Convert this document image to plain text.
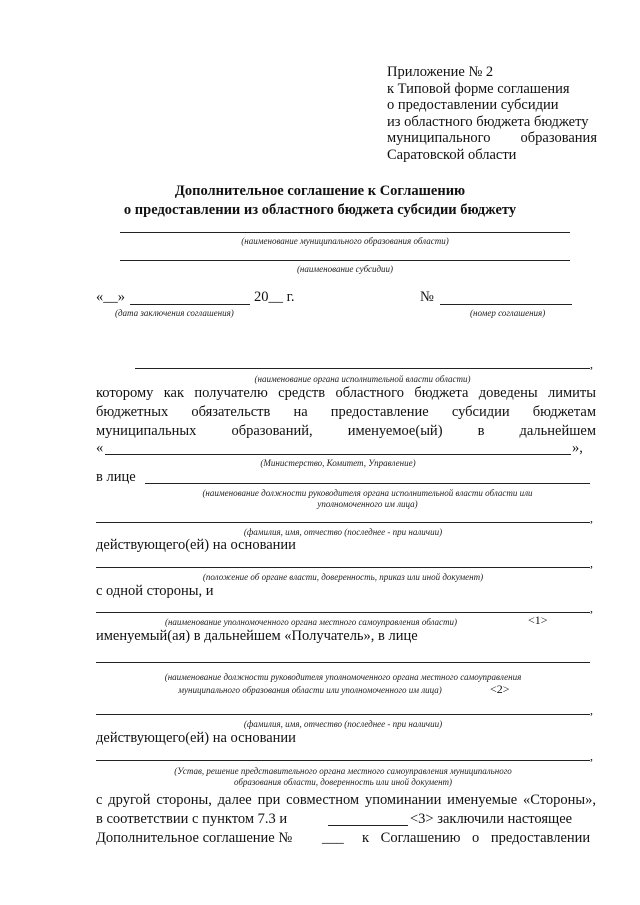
Приложение № 2
к Типовой форме соглашения
о предоставлении субсидии
из областного бюджета бюджету
муниципального образования
Саратовской области
Дополнительное соглашение к Соглашению
о предоставлении из областного бюджета субсидии бюджету
(наименование муниципального образования области)
(наименование субсидии)
«__»	20__ г.
(дата заключения соглашения)
№
(номер соглашения)
,
(наименование органа исполнительной власти области)
которому как получателю средств областного бюджета доведены лимиты
бюджетных обязательств на предоставление субсидии бюджетам
муниципальных образований, именуемое(ый) в дальнейшем
«	»,
(Министерство, Комитет, Управление)
в лице
(наименование должности руководителя органа исполнительной власти области или
уполномоченного им лица)
,
(фамилия, имя, отчество (последнее - при наличии)
действующего(ей) на основании
,
(положение об органе власти, доверенность, приказ или иной документ)
с одной стороны, и
,
(наименование уполномоченного органа местного самоуправления области)	<1>
именуемый(ая) в дальнейшем «Получатель», в лице
(наименование должности руководителя уполномоченного органа местного самоуправления
муниципального образования области или уполномоченного им лица)	<2>
,
(фамилия, имя, отчество (последнее - при наличии)
действующего(ей) на основании
,
(Устав, решение представительного органа местного самоуправления муниципального
образования области, доверенность или иной документ)
с другой стороны, далее при совместном упоминании именуемые «Стороны»,
в соответствии с пунктом 7.3 и	<3> заключили настоящее
Дополнительное соглашение № ___ к Соглашению о предоставлении
